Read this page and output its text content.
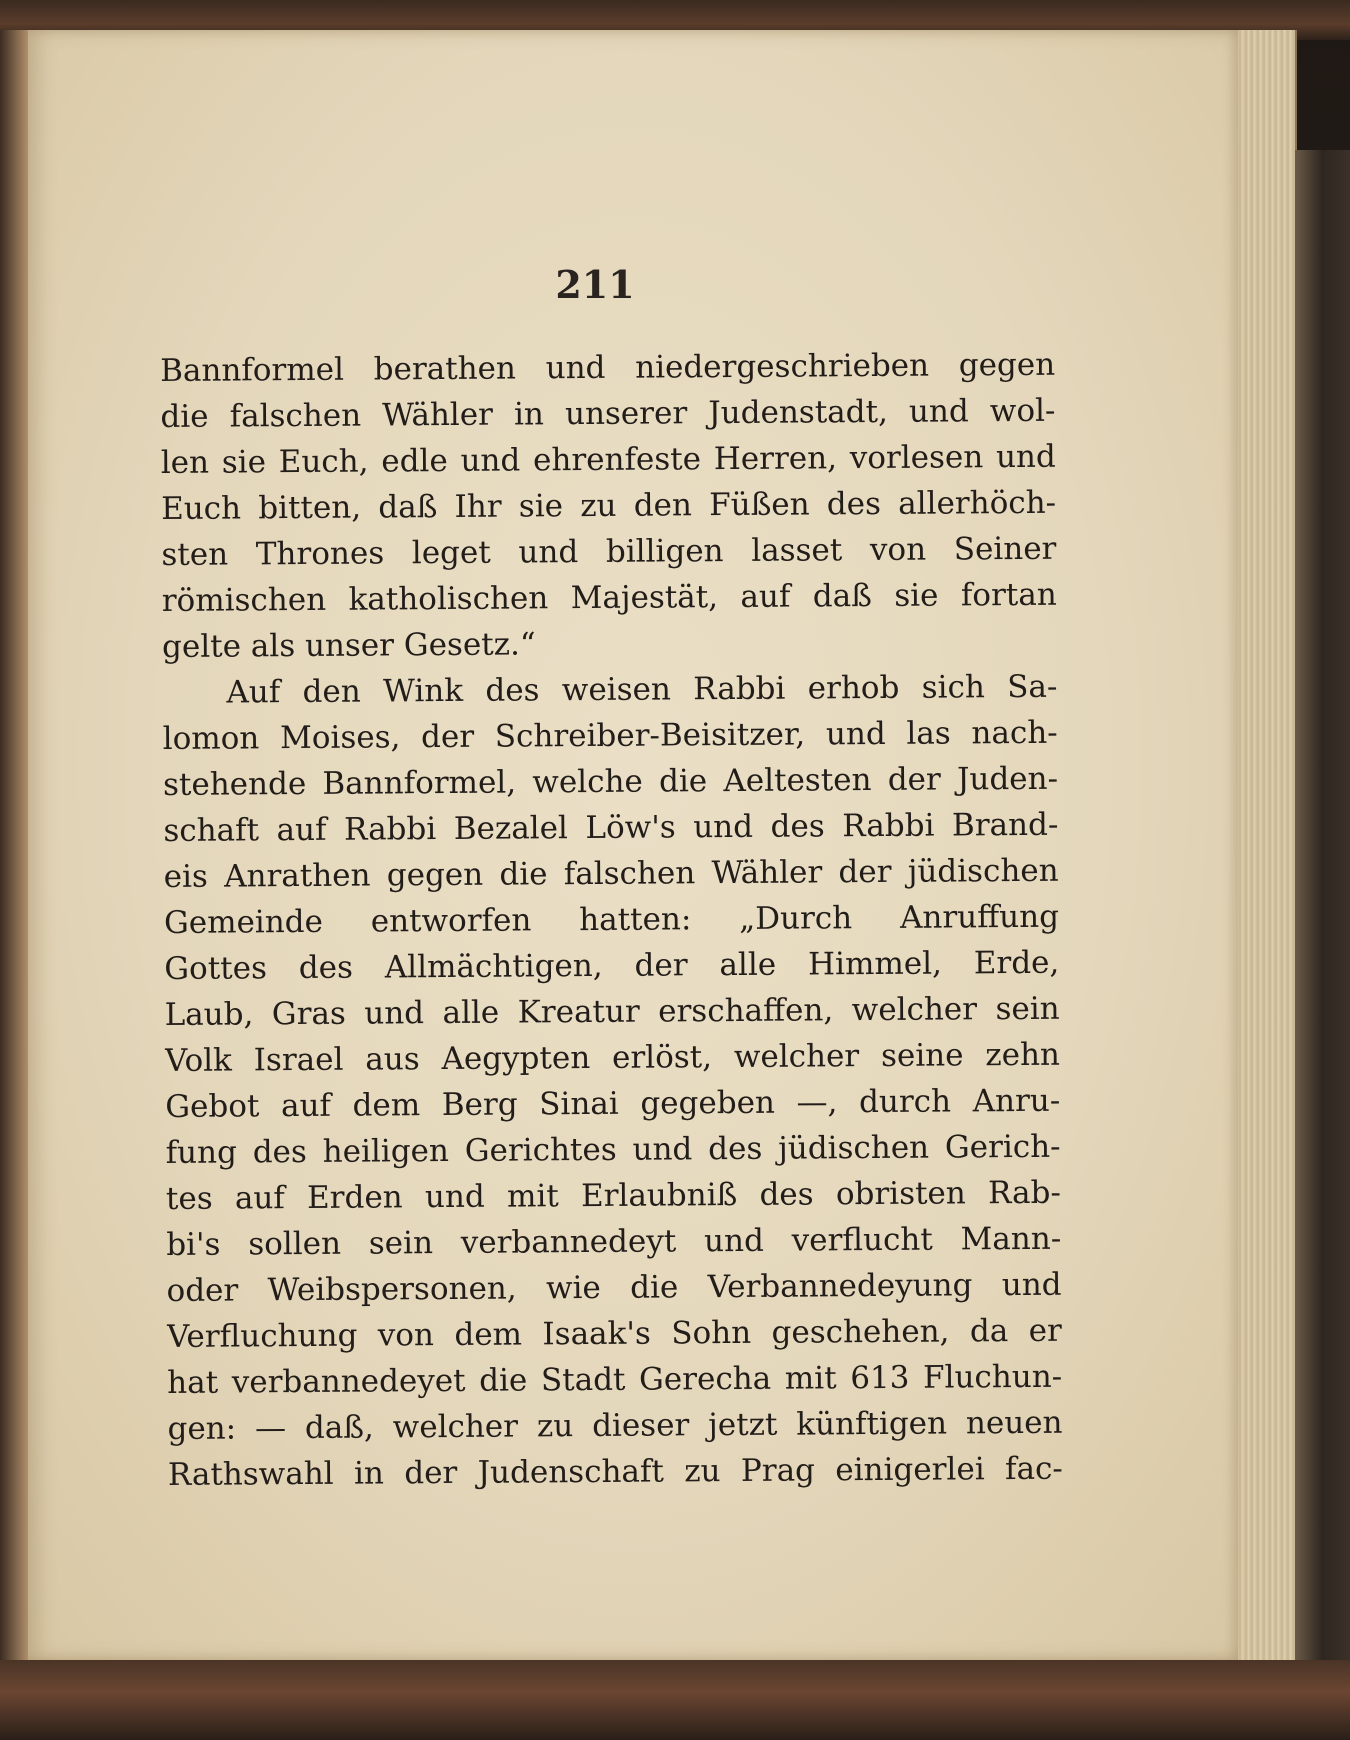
211
Bannformel berathen und niedergeschrieben gegen
die falschen Wähler in unserer Judenstadt, und wol-
len sie Euch, edle und ehrenfeste Herren, vorlesen und
Euch bitten, daß Ihr sie zu den Füßen des allerhöch-
sten Thrones leget und billigen lasset von Seiner
römischen katholischen Majestät, auf daß sie fortan
gelte als unser Gesetz.“
Auf den Wink des weisen Rabbi erhob sich Sa-
lomon Moises, der Schreiber-Beisitzer, und las nach-
stehende Bannformel, welche die Aeltesten der Juden-
schaft auf Rabbi Bezalel Löw's und des Rabbi Brand-
eis Anrathen gegen die falschen Wähler der jüdischen
Gemeinde entworfen hatten: „Durch Anruffung
Gottes des Allmächtigen, der alle Himmel, Erde,
Laub, Gras und alle Kreatur erschaffen, welcher sein
Volk Israel aus Aegypten erlöst, welcher seine zehn
Gebot auf dem Berg Sinai gegeben —, durch Anru-
fung des heiligen Gerichtes und des jüdischen Gerich-
tes auf Erden und mit Erlaubniß des obristen Rab-
bi's sollen sein verbannedeyt und verflucht Mann-
oder Weibspersonen, wie die Verbannedeyung und
Verfluchung von dem Isaak's Sohn geschehen, da er
hat verbannedeyet die Stadt Gerecha mit 613 Fluchun-
gen: — daß, welcher zu dieser jetzt künftigen neuen
Rathswahl in der Judenschaft zu Prag einigerlei fac-
